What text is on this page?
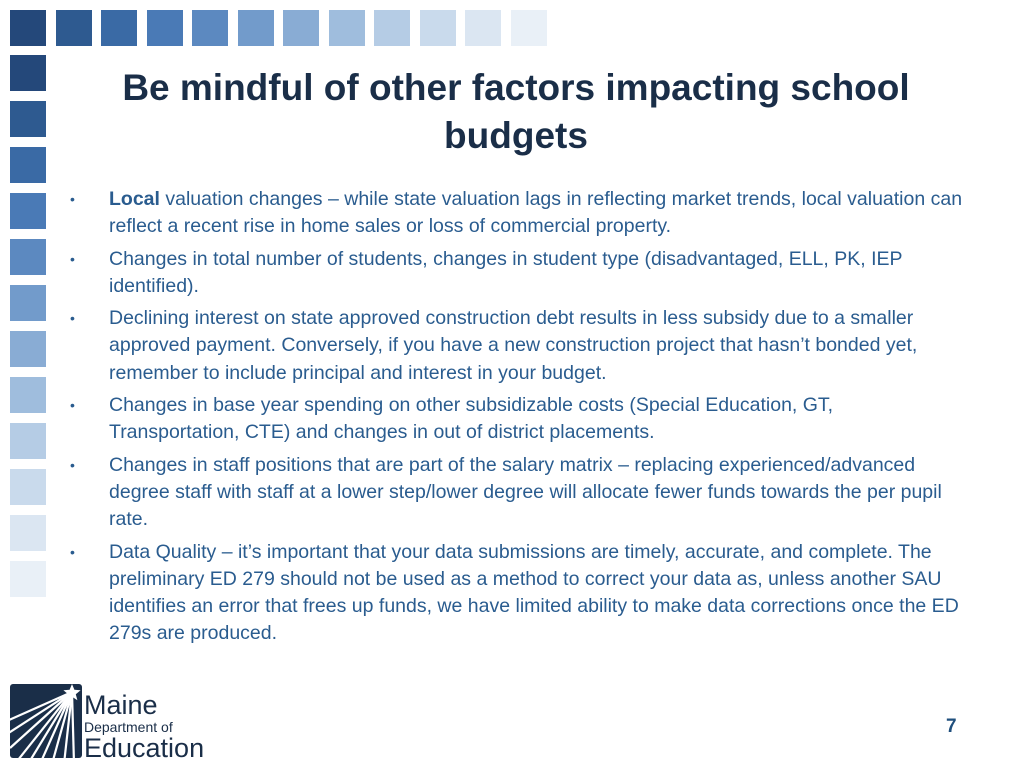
Be mindful of other factors impacting school
budgets
• Local valuation changes – while state valuation lags in reflecting market trends, local valuation can reflect a recent rise in home sales or loss of commercial property.
• Changes in total number of students, changes in student type (disadvantaged, ELL, PK, IEP identified).
• Declining interest on state approved construction debt results in less subsidy due to a smaller approved payment. Conversely, if you have a new construction project that hasn’t bonded yet, remember to include principal and interest in your budget.
• Changes in base year spending on other subsidizable costs (Special Education, GT, Transportation, CTE) and changes in out of district placements.
• Changes in staff positions that are part of the salary matrix – replacing experienced/advanced degree staff with staff at a lower step/lower degree will allocate fewer funds towards the per pupil rate.
• Data Quality – it’s important that your data submissions are timely, accurate, and complete. The preliminary ED 279 should not be used as a method to correct your data as, unless another SAU identifies an error that frees up funds, we have limited ability to make data corrections once the ED 279s are produced.
Maine
Department of
Education
7
